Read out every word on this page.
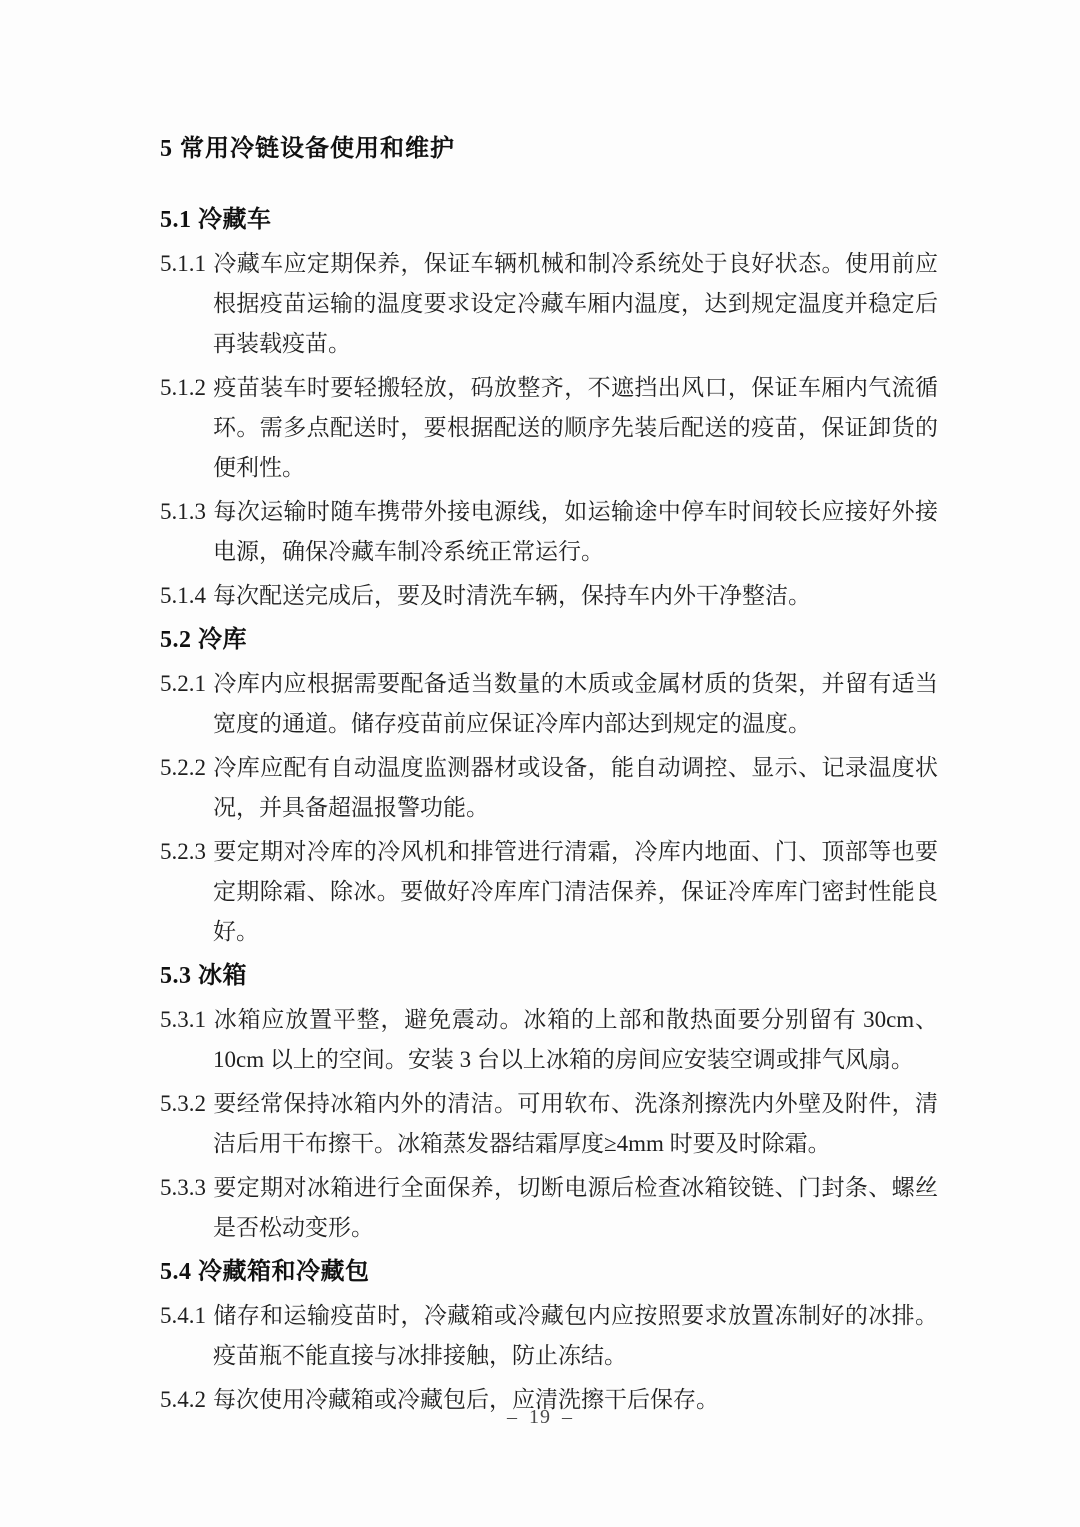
5 常用冷链设备使用和维护
5.1 冷藏车

5.1.1 冷藏车应定期保养，保证车辆机械和制冷系统处于良好状态。使用前应根据疫苗运输的温度要求设定冷藏车厢内温度，达到规定温度并稳定后再装载疫苗。

5.1.2 疫苗装车时要轻搬轻放，码放整齐，不遮挡出风口，保证车厢内气流循环。需多点配送时，要根据配送的顺序先装后配送的疫苗，保证卸货的便利性。

5.1.3 每次运输时随车携带外接电源线，如运输途中停车时间较长应接好外接电源，确保冷藏车制冷系统正常运行。

5.1.4 每次配送完成后，要及时清洗车辆，保持车内外干净整洁。

5.2 冷库

5.2.1 冷库内应根据需要配备适当数量的木质或金属材质的货架，并留有适当宽度的通道。储存疫苗前应保证冷库内部达到规定的温度。

5.2.2 冷库应配有自动温度监测器材或设备，能自动调控、显示、记录温度状况，并具备超温报警功能。

5.2.3 要定期对冷库的冷风机和排管进行清霜，冷库内地面、门、顶部等也要定期除霜、除冰。要做好冷库库门清洁保养，保证冷库库门密封性能良好。

5.3 冰箱

5.3.1 冰箱应放置平整，避免震动。冰箱的上部和散热面要分别留有 30cm、10cm 以上的空间。安装 3 台以上冰箱的房间应安装空调或排气风扇。

5.3.2 要经常保持冰箱内外的清洁。可用软布、洗涤剂擦洗内外壁及附件，清洁后用干布擦干。冰箱蒸发器结霜厚度≥4mm 时要及时除霜。

5.3.3 要定期对冰箱进行全面保养，切断电源后检查冰箱铰链、门封条、螺丝是否松动变形。

5.4 冷藏箱和冷藏包

5.4.1 储存和运输疫苗时，冷藏箱或冷藏包内应按照要求放置冻制好的冰排。疫苗瓶不能直接与冰排接触，防止冻结。

5.4.2 每次使用冷藏箱或冷藏包后，应清洗擦干后保存。

– 19 –
